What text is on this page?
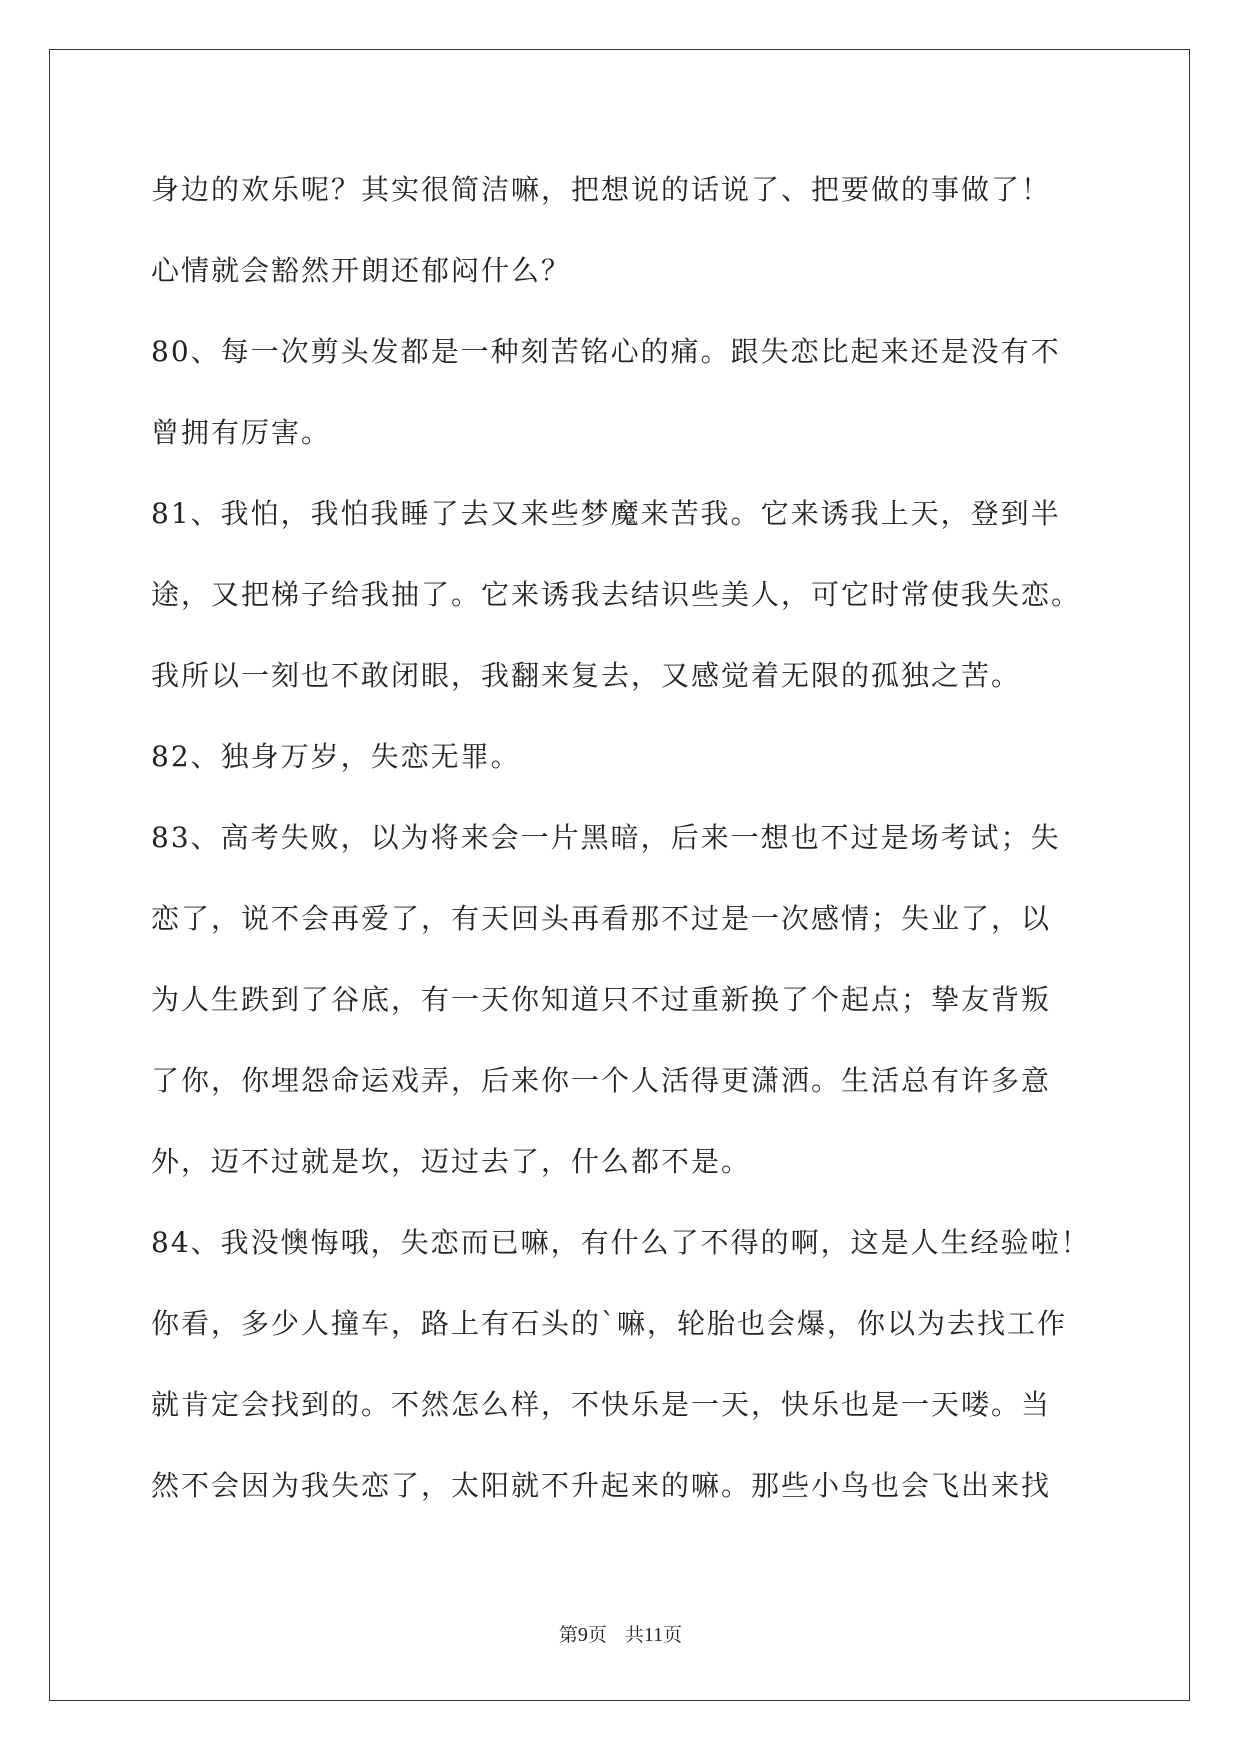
身边的欢乐呢？其实很简洁嘛，把想说的话说了、把要做的事做了！
心情就会豁然开朗还郁闷什么？
80、每一次剪头发都是一种刻苦铭心的痛。跟失恋比起来还是没有不
曾拥有厉害。
81、我怕，我怕我睡了去又来些梦魔来苦我。它来诱我上天，登到半
途，又把梯子给我抽了。它来诱我去结识些美人，可它时常使我失恋。
我所以一刻也不敢闭眼，我翻来复去，又感觉着无限的孤独之苦。
82、独身万岁，失恋无罪。
83、高考失败，以为将来会一片黑暗，后来一想也不过是场考试；失
恋了，说不会再爱了，有天回头再看那不过是一次感情；失业了，以
为人生跌到了谷底，有一天你知道只不过重新换了个起点；挚友背叛
了你，你埋怨命运戏弄，后来你一个人活得更潇洒。生活总有许多意
外，迈不过就是坎，迈过去了，什么都不是。
84、我没懊悔哦，失恋而已嘛，有什么了不得的啊，这是人生经验啦！
你看，多少人撞车，路上有石头的`嘛，轮胎也会爆，你以为去找工作
就肯定会找到的。不然怎么样，不快乐是一天，快乐也是一天喽。当
然不会因为我失恋了，太阳就不升起来的嘛。那些小鸟也会飞出来找
第9页 共11页
